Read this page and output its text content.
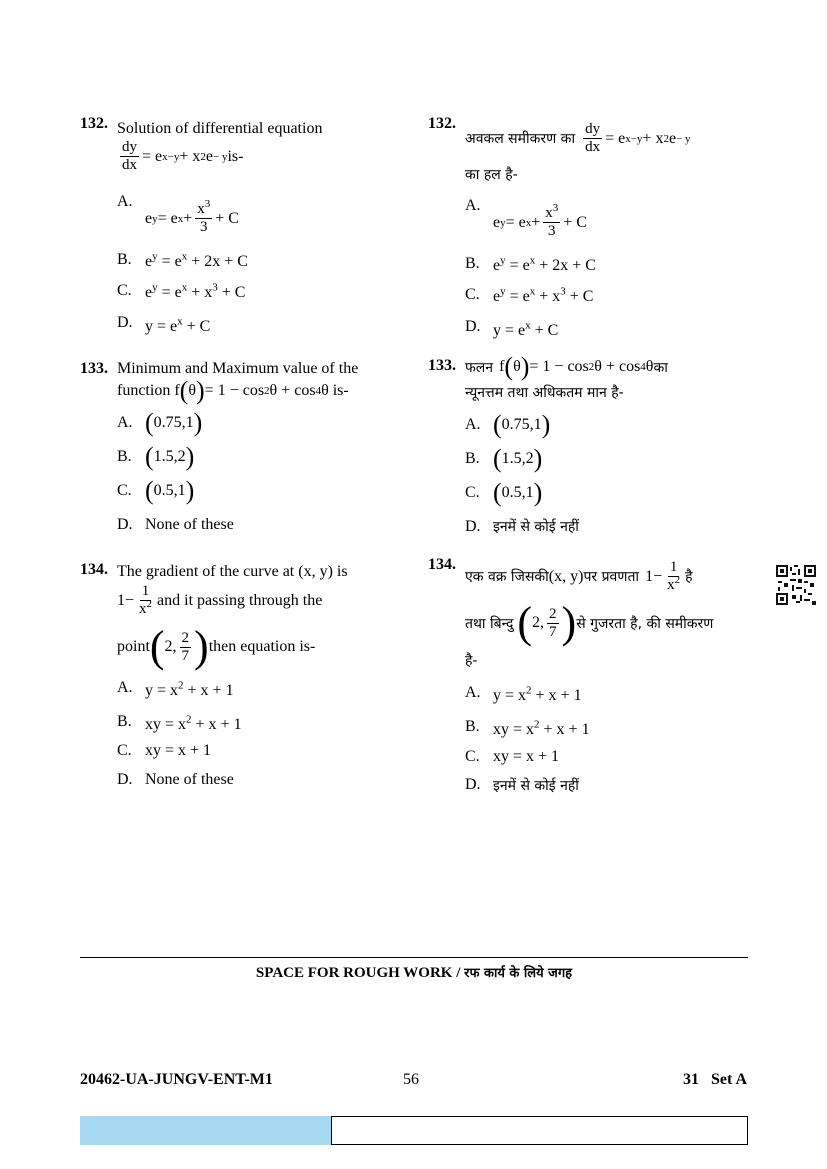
132. Solution of differential equation
$\frac{dy}{dx} = e$ x−y + x 2 e − y is-
A.
e y = e $x + \frac{x^3}{3} + C$
B. $e^y = e^x + 2x + C$
C. $e^y = e^x + x^3 + C$
D. $y = e^x + C$
133. Minimum and Maximum value of the
function f ( θ ) = 1 − cos 2 θ + cos 4 θ is-
A. ( 0.75,1 )
B. ( 1.5,2 )
C. ( 0.5,1 )
D. None of these
134. The gradient of the curve at (x, y) is
$1- \frac{1}{x^2}$ and it passing through the
point ( 2, $\frac{2}{7}$ ) then equation is-
A. $y = x^2 + x + 1$
B. xy = $x^2 + x + 1$
C. xy = x + 1
D. None of these
132.
अवकल समीकरण का $\frac{dy}{dx} = e$ x−y + x 2 e − y
का हल है-
A.
e y = e $x + \frac{x^3}{3} + C$
B. $e^y = e^x + 2x + C$
C. $e^y = e^x + x^3 + C$
D. $y = e^x + C$
133. फलन f ( θ ) = 1 − cos 2 θ + cos 4 θ का
न्यूनत्तम तथा अधिकतम मान है-
A. ( 0.75,1 )
B. ( 1.5,2 )
C. ( 0.5,1 )
D. इनमें से कोई नहीं
134.
एक वक्र जिसकी (x, y) पर प्रवणता $1- \frac{1}{x^2}$ है
तथा बिन्दु ( 2, $\frac{2}{7}$ ) से गुजरता है, की समीकरण
है-
A. $y = x^2 + x + 1$
B. xy = $x^2 + x + 1$
C. xy = x + 1
D. इनमें से कोई नहीं
SPACE FOR ROUGH WORK / रफ कार्य के लिये जगह
20462-UA-JUNGV-ENT-M1	56	31   Set A
